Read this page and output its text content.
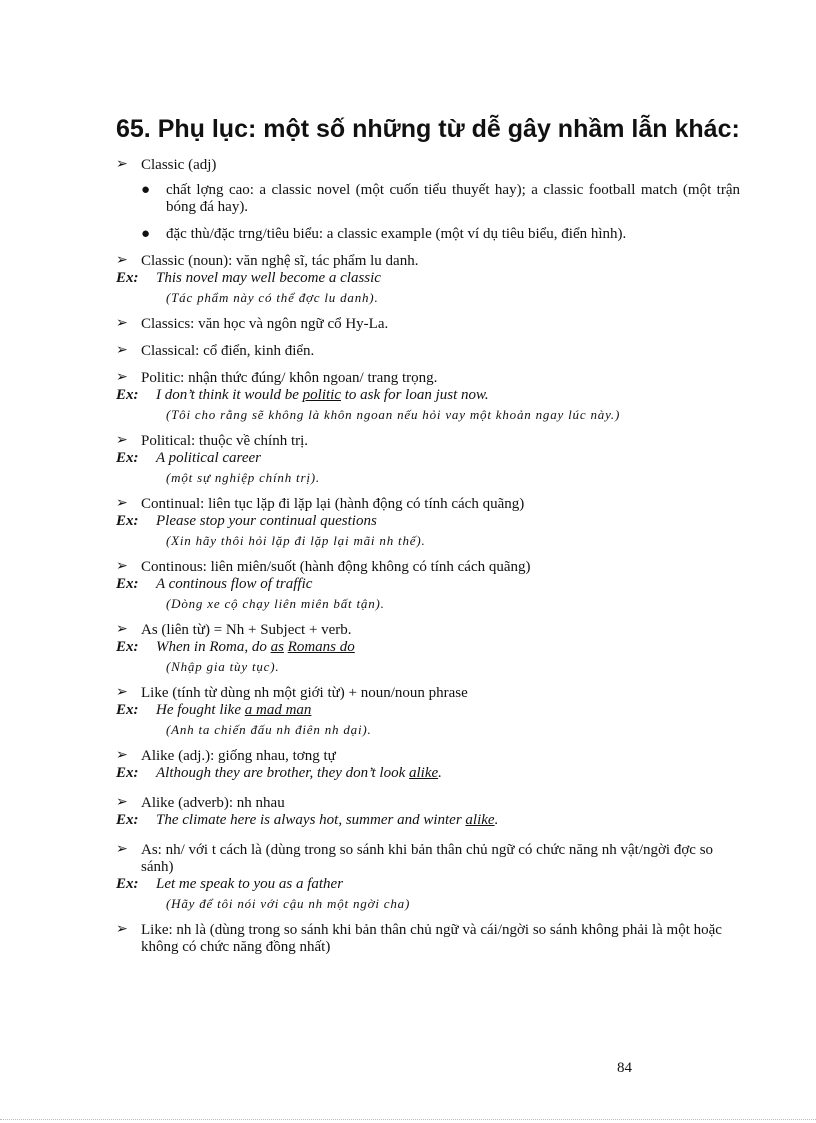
65. Phụ lục: một số những từ dễ gây nhầm lẫn khác:
➢ Classic (adj)
● chất lợng cao: a classic novel (một cuốn tiểu thuyết hay); a classic football match (một trận bóng đá hay).
● đặc thù/đặc trng/tiêu biểu: a classic example (một ví dụ tiêu biểu, điển hình).
➢ Classic (noun): văn nghệ sĩ, tác phẩm lu danh.
Ex: This novel may well become a classic
(Tác phẩm này có thể đợc lu danh).
➢ Classics: văn học và ngôn ngữ cổ Hy-La.
➢ Classical: cổ điển, kinh điển.
➢ Politic: nhận thức đúng/ khôn ngoan/ trang trọng.
Ex: I don’t think it would be politic to ask for loan just now.
(Tôi cho rằng sẽ không là khôn ngoan nếu hỏi vay một khoản ngay lúc này.)
➢ Political: thuộc về chính trị.
Ex: A political career
(một sự nghiệp chính trị).
➢ Continual: liên tục lặp đi lặp lại (hành động có tính cách quãng)
Ex: Please stop your continual questions
(Xin hãy thôi hỏi lặp đi lặp lại mãi nh thế).
➢ Continous: liên miên/suốt (hành động không có tính cách quãng)
Ex: A continous flow of traffic
(Dòng xe cộ chạy liên miên bất tận).
➢ As (liên từ) = Nh + Subject + verb.
Ex: When in Roma, do as Romans do
(Nhập gia tùy tục).
➢ Like (tính từ dùng nh một giới từ) + noun/noun phrase
Ex: He fought like a mad man
(Anh ta chiến đấu nh điên nh dại).
➢ Alike (adj.): giống nhau, tơng tự
Ex: Although they are brother, they don’t look alike.
➢ Alike (adverb): nh nhau
Ex: The climate here is always hot, summer and winter alike.
➢ As: nh/ với t cách là (dùng trong so sánh khi bản thân chủ ngữ có chức năng nh vật/ngời đợc so sánh)
Ex: Let me speak to you as a father
(Hãy để tôi nói với cậu nh một ngời cha)
➢ Like: nh là (dùng trong so sánh khi bản thân chủ ngữ và cái/ngời so sánh không phải là một hoặc không có chức năng đồng nhất)
84
